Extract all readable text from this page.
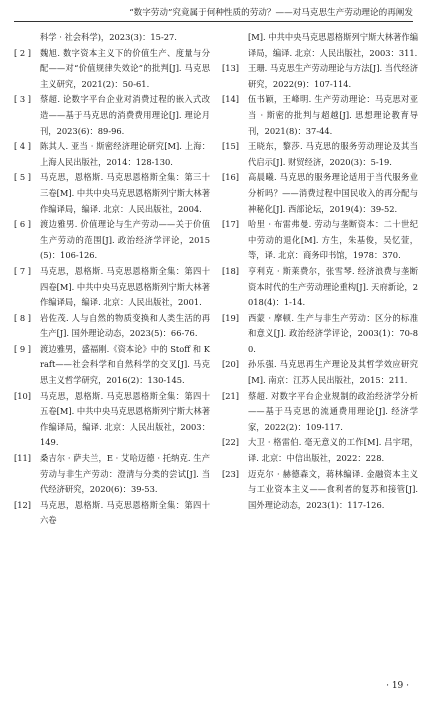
“数字劳动”究竟属于何种性质的劳动？——对马克思生产劳动理论的再阐发
科学 · 社会科学)，2023(3)：15-27.
[ 2 ] 魏旭. 数字资本主义下的价值生产、度量与分配——对“价值规律失效论”的批判[J]. 马克思主义研究，2021(2)：50-61.
[ 3 ] 蔡超. 论数字平台企业对消费过程的嵌入式改造——基于马克思的消费费用理论[J]. 理论月刊，2023(6)：89-96.
[ 4 ] 陈其人. 亚当 · 斯密经济理论研究[M]. 上海：上海人民出版社，2014：128-130.
[ 5 ] 马克思，恩格斯. 马克思恩格斯全集：第三十三卷[M]. 中共中央马克思恩格斯列宁斯大林著作编译局，编译. 北京：人民出版社，2004.
[ 6 ] 渡边雅男. 价值理论与生产劳动——关于价值生产劳动的范围[J]. 政治经济学评论，2015(5)：106-126.
[ 7 ] 马克思，恩格斯. 马克思恩格斯全集：第四十四卷[M]. 中共中央马克思恩格斯列宁斯大林著作编译局，编译. 北京：人民出版社，2001.
[ 8 ] 岩佐茂. 人与自然的物质变换和人类生活的再生产[J]. 国外理论动态，2023(5)：66-76.
[ 9 ] 渡边雅男，盛福刚.《资本论》中的 Stoff 和 Kraft——社会科学和自然科学的交叉[J]. 马克思主义哲学研究，2016(2)：130-145.
[10] 马克思，恩格斯. 马克思恩格斯全集：第四十五卷[M]. 中共中央马克思恩格斯列宁斯大林著作编译局，编译. 北京：人民出版社，2003：149.
[11] 桑吉尔 · 萨夫兰，E · 艾哈迈德 · 托纳克. 生产劳动与非生产劳动：澄清与分类的尝试[J]. 当代经济研究，2020(6)：39-53.
[12] 马克思，恩格斯. 马克思恩格斯全集：第四十六卷
[M]. 中共中央马克思恩格斯列宁斯大林著作编译局，编译. 北京：人民出版社，2003：311.
[13] 王珊. 马克思生产劳动理论与方法[J]. 当代经济研究，2022(9)：107-114.
[14] 伍书颖，王峰明. 生产劳动理论：马克思对亚当 · 斯密的批判与超越[J]. 思想理论教育导刊，2021(8)：37-44.
[15] 王晓东，黎莎. 马克思的服务劳动理论及其当代启示[J]. 财贸经济，2020(3)：5-19.
[16] 高晨曦. 马克思的服务理论适用于当代服务业分析吗？——消费过程中国民收入的再分配与神秘化[J]. 西部论坛，2019(4)：39-52.
[17] 哈里 · 布雷弗曼. 劳动与垄断资本：二十世纪中劳动的退化[M]. 方生，朱基俊，吴忆萱，等，译. 北京：商务印书馆，1978：370.
[18] 亨利克 · 斯莱费尔，张雪琴. 经济浪费与垄断资本时代的生产劳动理论重构[J]. 天府新论，2018(4)：1-14.
[19] 西蒙 · 摩顿. 生产与非生产劳动：区分的标准和意义[J]. 政治经济学评论，2003(1)：70-80.
[20] 孙乐强. 马克思再生产理论及其哲学效应研究[M]. 南京：江苏人民出版社，2015：211.
[21] 蔡超. 对数字平台企业规制的政治经济学分析——基于马克思的流通费用理论[J]. 经济学家，2022(2)：109-117.
[22] 大卫 · 格雷伯. 毫无意义的工作[M]. 吕宇珺，译. 北京：中信出版社，2022：228.
[23] 迈克尔 · 赫德森文，蒋林编译. 金融资本主义与工业资本主义——食利者的复苏和接管[J]. 国外理论动态，2023(1)：117-126.
· 19 ·
